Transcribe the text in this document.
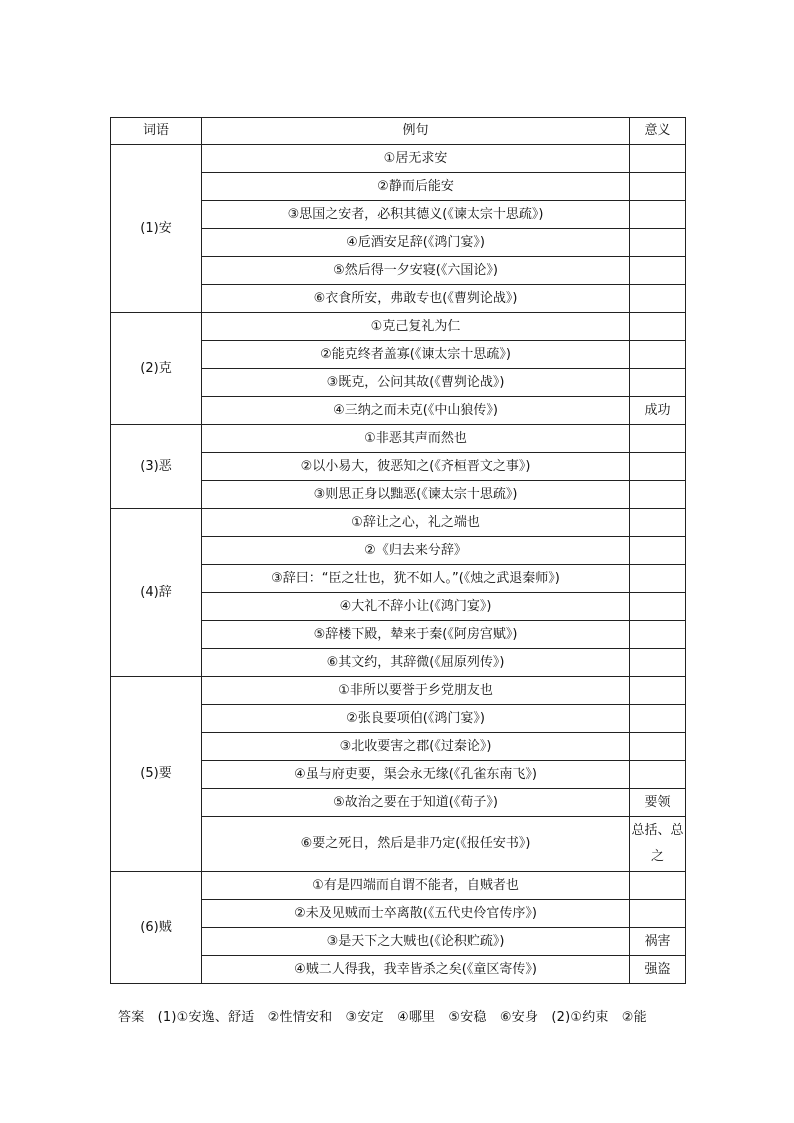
词语	例句	意义
(1)安	①居无求安	
	②静而后能安	
	③思国之安者，必积其德义(《谏太宗十思疏》)	
	④卮酒安足辞(《鸿门宴》)	
	⑤然后得一夕安寝(《六国论》)	
	⑥衣食所安，弗敢专也(《曹刿论战》)	
(2)克	①克己复礼为仁	
	②能克终者盖寡(《谏太宗十思疏》)	
	③既克，公问其故(《曹刿论战》)	
	④三纳之而未克(《中山狼传》)	成功
(3)恶	①非恶其声而然也	
	②以小易大，彼恶知之(《齐桓晋文之事》)	
	③则思正身以黜恶(《谏太宗十思疏》)	
(4)辞	①辞让之心，礼之端也	
	②《归去来兮辞》	
	③辞曰：“臣之壮也，犹不如人。”(《烛之武退秦师》)	
	④大礼不辞小让(《鸿门宴》)	
	⑤辞楼下殿，辇来于秦(《阿房宫赋》)	
	⑥其文约，其辞微(《屈原列传》)	
(5)要	①非所以要誉于乡党朋友也	
	②张良要项伯(《鸿门宴》)	
	③北收要害之郡(《过秦论》)	
	④虽与府吏要，渠会永无缘(《孔雀东南飞》)	
	⑤故治之要在于知道(《荀子》)	要领
	⑥要之死日，然后是非乃定(《报任安书》)	总括、总之
(6)贼	①有是四端而自谓不能者，自贼者也	
	②未及见贼而士卒离散(《五代史伶官传序》)	
	③是天下之大贼也(《论积贮疏》)	祸害
	④贼二人得我，我幸皆杀之矣(《童区寄传》)	强盗
答案　(1)①安逸、舒适　②性情安和　③安定　④哪里　⑤安稳　⑥安身　(2)①约束　②能
